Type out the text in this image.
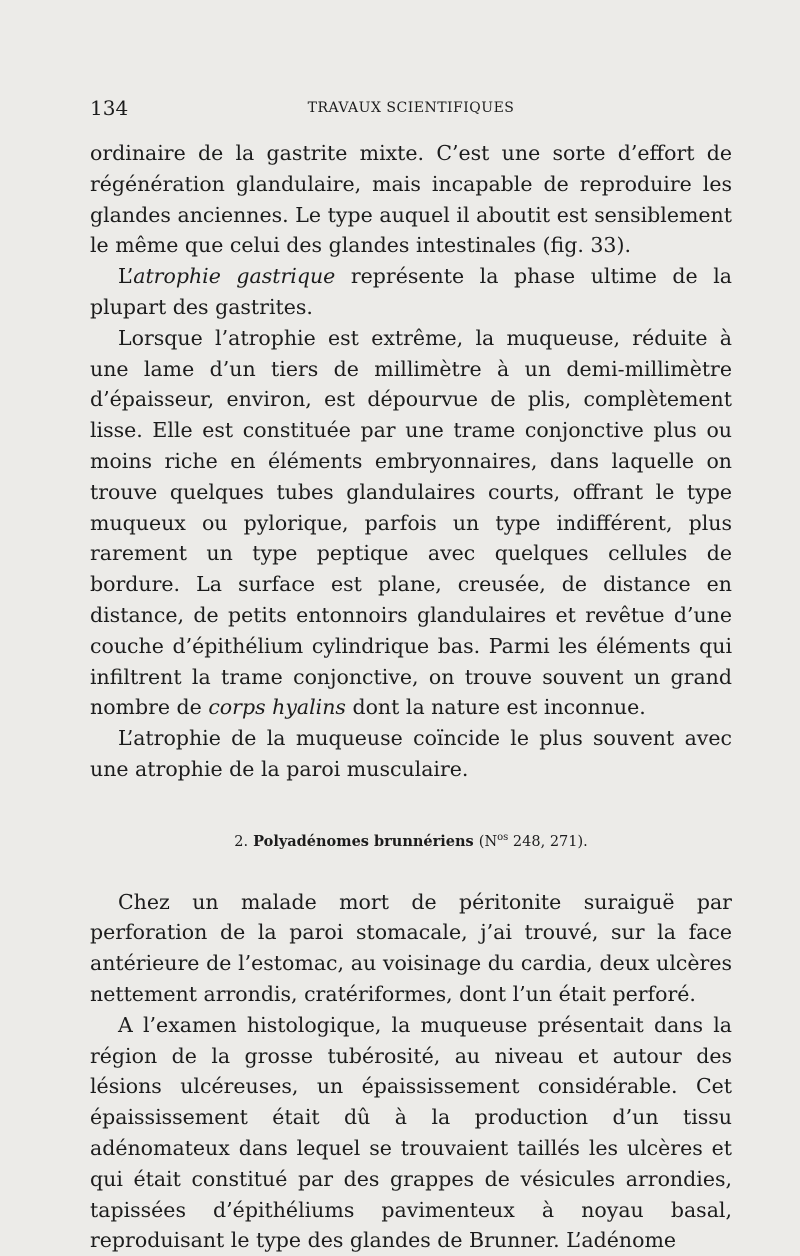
134	TRAVAUX SCIENTIFIQUES

ordinaire de la gastrite mixte. C’est une sorte d’effort de régénération glandulaire, mais incapable de reproduire les glandes anciennes. Le type auquel il aboutit est sensiblement le même que celui des glandes intestinales (fig. 33).

L’atrophie gastrique représente la phase ultime de la plupart des gastrites.

Lorsque l’atrophie est extrême, la muqueuse, réduite à une lame d’un tiers de millimètre à un demi-millimètre d’épaisseur, environ, est dépourvue de plis, complètement lisse. Elle est constituée par une trame conjonctive plus ou moins riche en éléments embryonnaires, dans laquelle on trouve quelques tubes glandulaires courts, offrant le type muqueux ou pylorique, parfois un type indifférent, plus rarement un type peptique avec quelques cellules de bordure. La surface est plane, creusée, de distance en distance, de petits entonnoirs glandulaires et revêtue d’une couche d’épithélium cylindrique bas. Parmi les éléments qui infiltrent la trame conjonctive, on trouve souvent un grand nombre de corps hyalins dont la nature est inconnue.

L’atrophie de la muqueuse coïncide le plus souvent avec une atrophie de la paroi musculaire.

2. Polyadénomes brunnériens ($N^{os}$ 248, 271).

Chez un malade mort de péritonite suraiguë par perforation de la paroi stomacale, j’ai trouvé, sur la face antérieure de l’estomac, au voisinage du cardia, deux ulcères nettement arrondis, cratériformes, dont l’un était perforé.

A l’examen histologique, la muqueuse présentait dans la région de la grosse tubérosité, au niveau et autour des lésions ulcéreuses, un épaississement considérable. Cet épaississement était dû à la production d’un tissu adénomateux dans lequel se trouvaient taillés les ulcères et qui était constitué par des grappes de vésicules arrondies, tapissées d’épithéliums pavimenteux à noyau basal, reproduisant le type des glandes de Brunner. L’adénome
